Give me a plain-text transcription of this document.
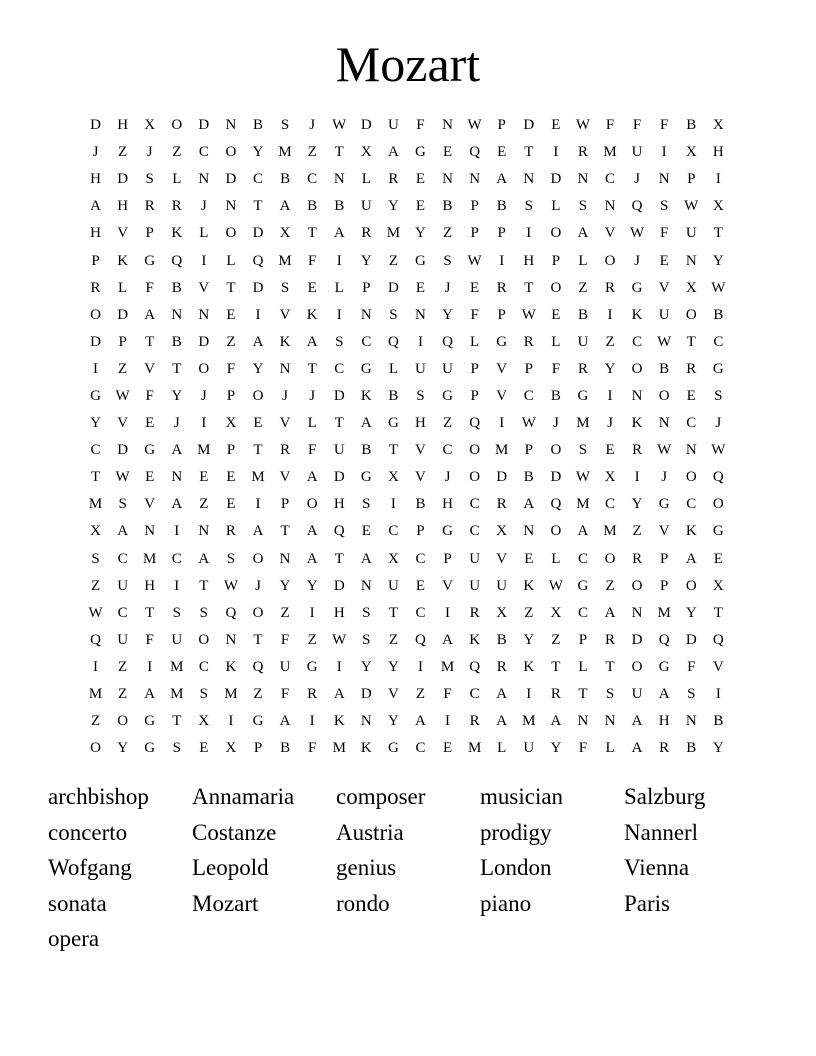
Mozart
D	H	X	O	D	N	B	S	J	W D	U	F	N W	P	D	E	W	F	F	F	B	X
J	Z	J	Z	C	O	Y M	Z	T	X	A	G	E	Q	E	T	I	R	M U	I	X	H
H	D	S	L	N	D	C	B	C	N	L	R	E	N	N	A	N	D	N	C	J	N	P	I
A	H	R	R	J	N	T	A	B	B	U	Y	E	B	P	B	S	L	S	N	Q	S	W X
H	V	P	K	L	O	D	X	T	A	R	M Y	Z	P	P	I	O	A	V W	F	U	T
P	K	G	Q	I	L	Q M	F	I	Y	Z	G	S	W	I	H	P	L	O	J	E	N	Y
R	L	F	B	V	T	D	S	E	L	P	D	E	J	E	R	T	O	Z	R	G	V	X W
O	D	A	N	N	E	I	V	K	I	N	S	N	Y	F	P	W	E	B	I	K	U	O	B
D	P	T	B	D	Z	A	K	A	S	C	Q	I	Q	L	G	R	L	U	Z	C W	T	C
I	Z	V	T	O	F	Y	N	T	C	G	L	U	U	P	V	P	F	R	Y	O	B	R	G
G W	F	Y	J	P	O	J	J	D	K	B	S	G	P	V	C	B	G	I	N	O	E	S
Y	V	E	J	I	X	E	V	L	T	A	G	H	Z	Q	I	W	J	M	J	K	N	C	J
C	D	G	A M	P	T	R	F	U	B	T	V	C	O M	P	O	S	E	R W N W
T	W	E	N	E	E	M V	A	D	G	X	V	J	O	D	B	D W X	I	J	O	Q
M	S	V	A	Z	E	I	P	O	H	S	I	B	H	C	R	A	Q M	C	Y	G	C	O
X	A	N	I	N	R	A	T	A	Q	E	C	P	G	C	X	N	O	A M	Z	V	K	G
S	C	M	C	A	S	O	N	A	T	A	X	C	P	U	V	E	L	C	O	R	P	A	E
Z	U	H	I	T	W	J	Y	Y	D	N	U	E	V	U	U	K W G	Z	O	P	O	X
W C	T	S	S	Q	O	Z	I	H	S	T	C	I	R	X	Z	X	C	A	N M Y	T
Q	U	F	U	O	N	T	F	Z	W	S	Z	Q	A	K	B	Y	Z	P	R	D	Q	D	Q
I	Z	I	M	C	K	Q	U	G	I	Y	Y	I	M Q	R	K	T	L	T	O	G	F	V
M	Z	A M	S	M	Z	F	R	A	D	V	Z	F	C	A	I	R	T	S	U	A	S	I
Z	O	G	T	X	I	G	A	I	K	N	Y	A	I	R	A M A	N	N	A	H	N	B
O	Y	G	S	E	X	P	B	F	M K	G	C	E	M	L	U	Y	F	L	A	R	B	Y
archbishop	Annamaria	composer	musician	Salzburg
concerto	Costanze	Austria	prodigy	Nannerl
Wofgang	Leopold	genius	London	Vienna
sonata	Mozart	rondo	piano	Paris
opera
